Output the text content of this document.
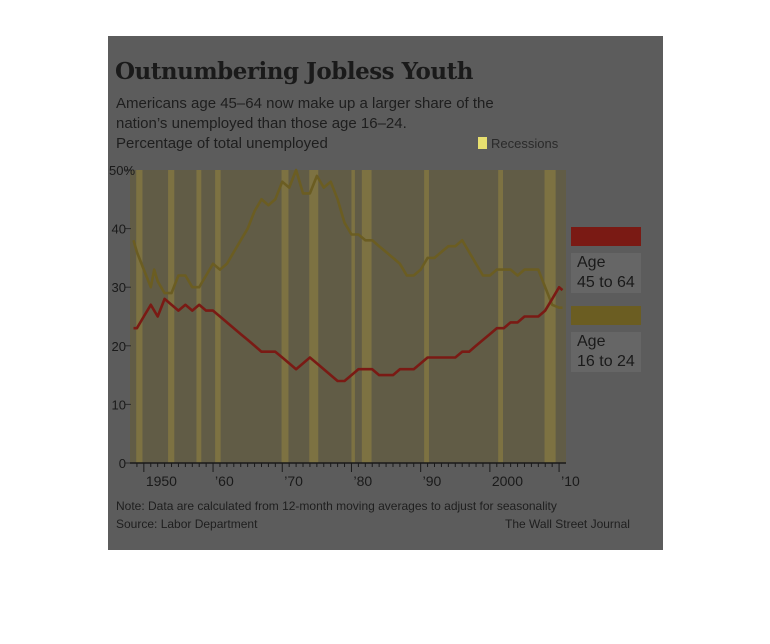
Outnumbering Jobless Youth
Americans age 45–64 now make up a larger share of the nation’s unemployed than those age 16–24.
Percentage of total unemployed	Recessions
0
10
20
30
40
50%
1950	’60	’70	’80	’90	2000	’10
Age
45 to 64
Age
16 to 24
Note: Data are calculated from 12-month moving averages to adjust for seasonality
Source: Labor Department	The Wall Street Journal
